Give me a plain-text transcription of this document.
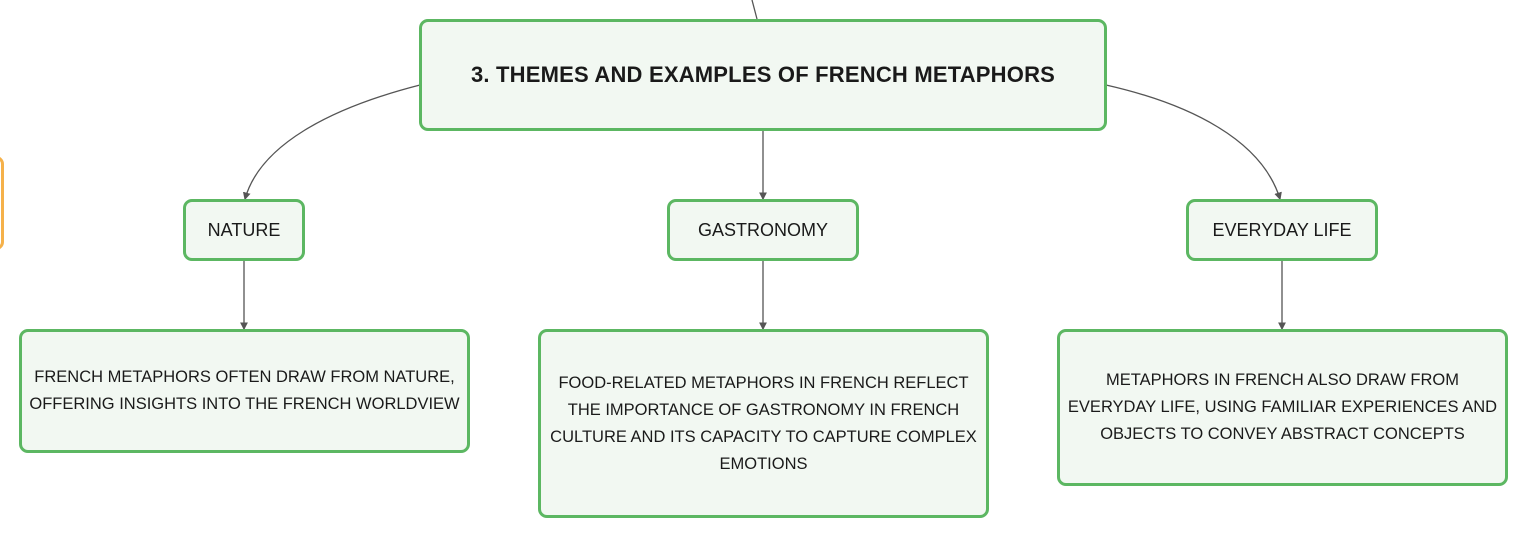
3. THEMES AND EXAMPLES OF FRENCH METAPHORS
NATURE	GASTRONOMY	EVERYDAY LIFE
FRENCH METAPHORS OFTEN DRAW FROM NATURE, OFFERING INSIGHTS INTO THE FRENCH WORLDVIEW
FOOD-RELATED METAPHORS IN FRENCH REFLECT THE IMPORTANCE OF GASTRONOMY IN FRENCH CULTURE AND ITS CAPACITY TO CAPTURE COMPLEX EMOTIONS
METAPHORS IN FRENCH ALSO DRAW FROM EVERYDAY LIFE, USING FAMILIAR EXPERIENCES AND OBJECTS TO CONVEY ABSTRACT CONCEPTS
